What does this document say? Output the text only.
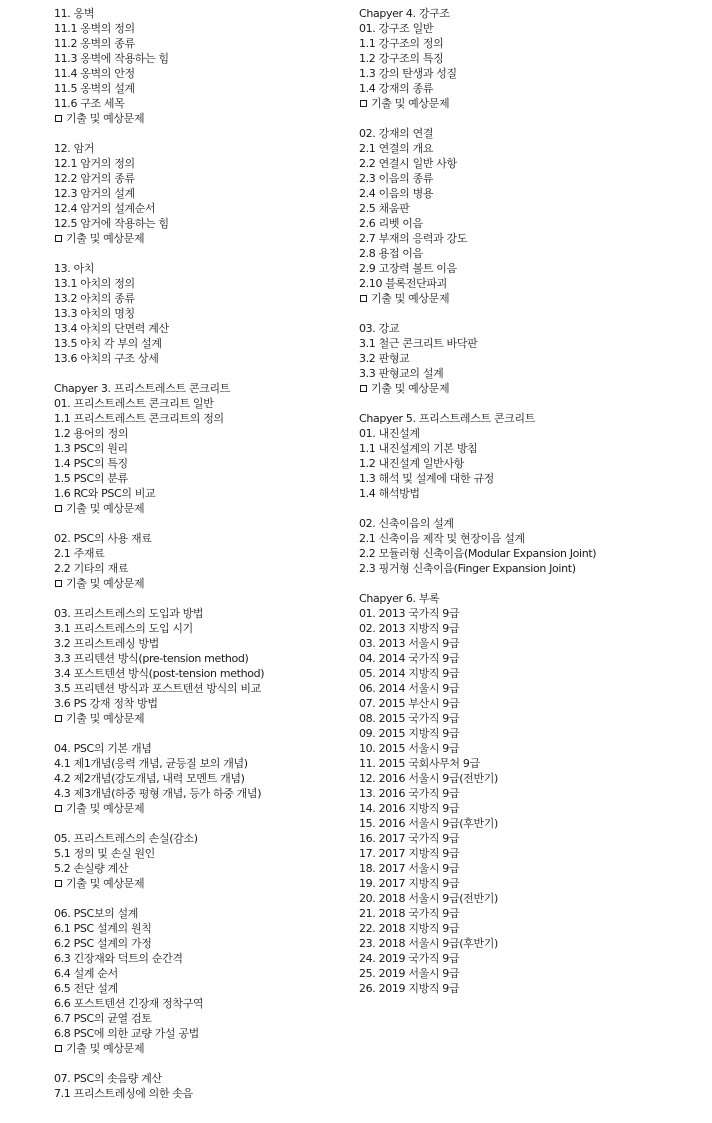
11. 옹벽
11.1 옹벽의 정의
11.2 옹벽의 종류
11.3 옹벽에 작용하는 힘
11.4 옹벽의 안정
11.5 옹벽의 설계
11.6 구조 세목
기출 및 예상문제
12. 암거
12.1 암거의 정의
12.2 암거의 종류
12.3 암거의 설계
12.4 암거의 설계순서
12.5 암거에 작용하는 힘
기출 및 예상문제
13. 아치
13.1 아치의 정의
13.2 아치의 종류
13.3 아치의 명칭
13.4 아치의 단면력 계산
13.5 아치 각 부의 설계
13.6 아치의 구조 상세
Chapyer 3. 프리스트레스트 콘크리트
01. 프리스트레스트 콘크리트 일반
1.1 프리스트레스트 콘크리트의 정의
1.2 용어의 정의
1.3 PSC의 원리
1.4 PSC의 특징
1.5 PSC의 분류
1.6 RC와 PSC의 비교
기출 및 예상문제
02. PSC의 사용 재료
2.1 주재료
2.2 기타의 재료
기출 및 예상문제
03. 프리스트레스의 도입과 방법
3.1 프리스트레스의 도입 시기
3.2 프리스트레싱 방법
3.3 프리텐션 방식(pre-tension method)
3.4 포스트텐션 방식(post-tension method)
3.5 프리텐션 방식과 포스트텐션 방식의 비교
3.6 PS 강재 정착 방법
기출 및 예상문제
04. PSC의 기본 개념
4.1 제1개념(응력 개념, 균등질 보의 개념)
4.2 제2개념(강도개념, 내력 모멘트 개념)
4.3 제3개념(하중 평형 개념, 등가 하중 개념)
기출 및 예상문제
05. 프리스트레스의 손실(감소)
5.1 정의 및 손실 원인
5.2 손실량 계산
기출 및 예상문제
06. PSC보의 설계
6.1 PSC 설계의 원칙
6.2 PSC 설계의 가정
6.3 긴장재와 덕트의 순간격
6.4 설계 순서
6.5 전단 설계
6.6 포스트텐션 긴장재 정착구역
6.7 PSC의 균열 검토
6.8 PSC에 의한 교량 가설 공법
기출 및 예상문제
07. PSC의 솟음량 계산
7.1 프리스트레싱에 의한 솟음
Chapyer 4. 강구조
01. 강구조 일반
1.1 강구조의 정의
1.2 강구조의 특징
1.3 강의 탄생과 성질
1.4 강재의 종류
기출 및 예상문제
02. 강재의 연결
2.1 연결의 개요
2.2 연결시 일반 사항
2.3 이음의 종류
2.4 이음의 병용
2.5 채움판
2.6 리벳 이음
2.7 부재의 응력과 강도
2.8 용접 이음
2.9 고장력 볼트 이음
2.10 블록전단파괴
기출 및 예상문제
03. 강교
3.1 철근 콘크리트 바닥판
3.2 판형교
3.3 판형교의 설계
기출 및 예상문제
Chapyer 5. 프리스트레스트 콘크리트
01. 내진설계
1.1 내진설계의 기본 방침
1.2 내진설계 일반사항
1.3 해석 및 설계에 대한 규정
1.4 해석방법
02. 신축이음의 설계
2.1 신축이음 제작 및 현장이음 설계
2.2 모듈러형 신축이음(Modular Expansion Joint)
2.3 핑거형 신축이음(Finger Expansion Joint)
Chapyer 6. 부록
01. 2013 국가직 9급
02. 2013 지방직 9급
03. 2013 서울시 9급
04. 2014 국가직 9급
05. 2014 지방직 9급
06. 2014 서울시 9급
07. 2015 부산시 9급
08. 2015 국가직 9급
09. 2015 지방직 9급
10. 2015 서울시 9급
11. 2015 국회사무처 9급
12. 2016 서울시 9급(전반기)
13. 2016 국가직 9급
14. 2016 지방직 9급
15. 2016 서울시 9급(후반기)
16. 2017 국가직 9급
17. 2017 지방직 9급
18. 2017 서울시 9급
19. 2017 지방직 9급
20. 2018 서울시 9급(전반기)
21. 2018 국가직 9급
22. 2018 지방직 9급
23. 2018 서울시 9급(후반기)
24. 2019 국가직 9급
25. 2019 서울시 9급
26. 2019 지방직 9급
